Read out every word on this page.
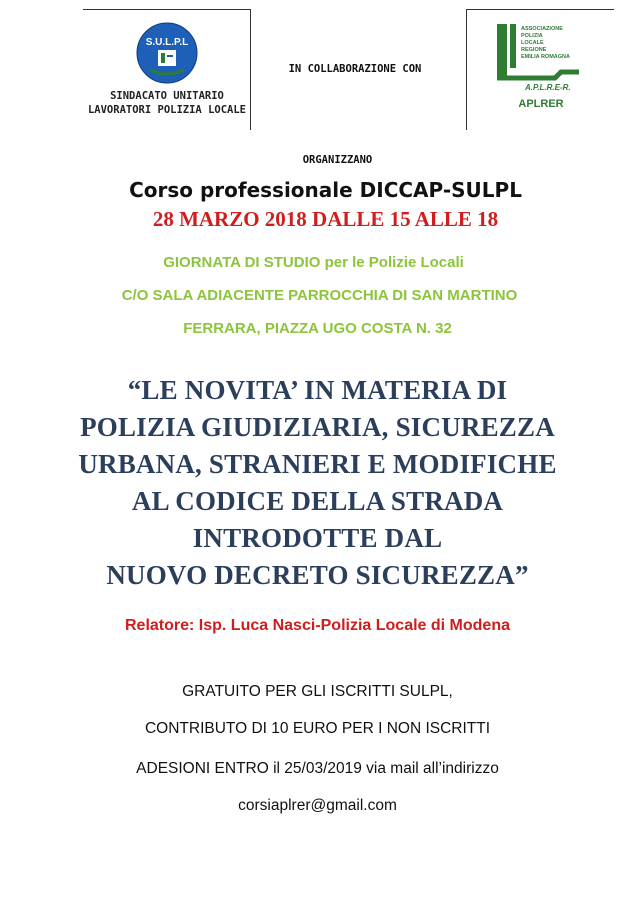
S.U.L.P.L
SINDACATO UNITARIO
LAVORATORI POLIZIA LOCALE
IN COLLABORAZIONE CON
ASSOCIAZIONE
POLIZIA
LOCALE
REGIONE
EMILIA ROMAGNA
A.P.L.R.E-R.
APLRER
ORGANIZZANO
Corso professionale DICCAP-SULPL
28 MARZO 2018 DALLE 15 ALLE 18
GIORNATA DI STUDIO per le Polizie Locali
C/O SALA ADIACENTE PARROCCHIA DI SAN MARTINO
FERRARA, PIAZZA UGO COSTA N. 32
“LE NOVITA’ IN MATERIA DI
POLIZIA GIUDIZIARIA, SICUREZZA
URBANA, STRANIERI E MODIFICHE
AL CODICE DELLA STRADA
INTRODOTTE DAL
NUOVO DECRETO SICUREZZA”
Relatore: Isp. Luca Nasci-Polizia Locale di Modena
GRATUITO PER GLI ISCRITTI SULPL,
CONTRIBUTO DI 10 EURO PER I NON ISCRITTI
ADESIONI ENTRO il 25/03/2019 via mail all’indirizzo
corsiaplrer@gmail.com
